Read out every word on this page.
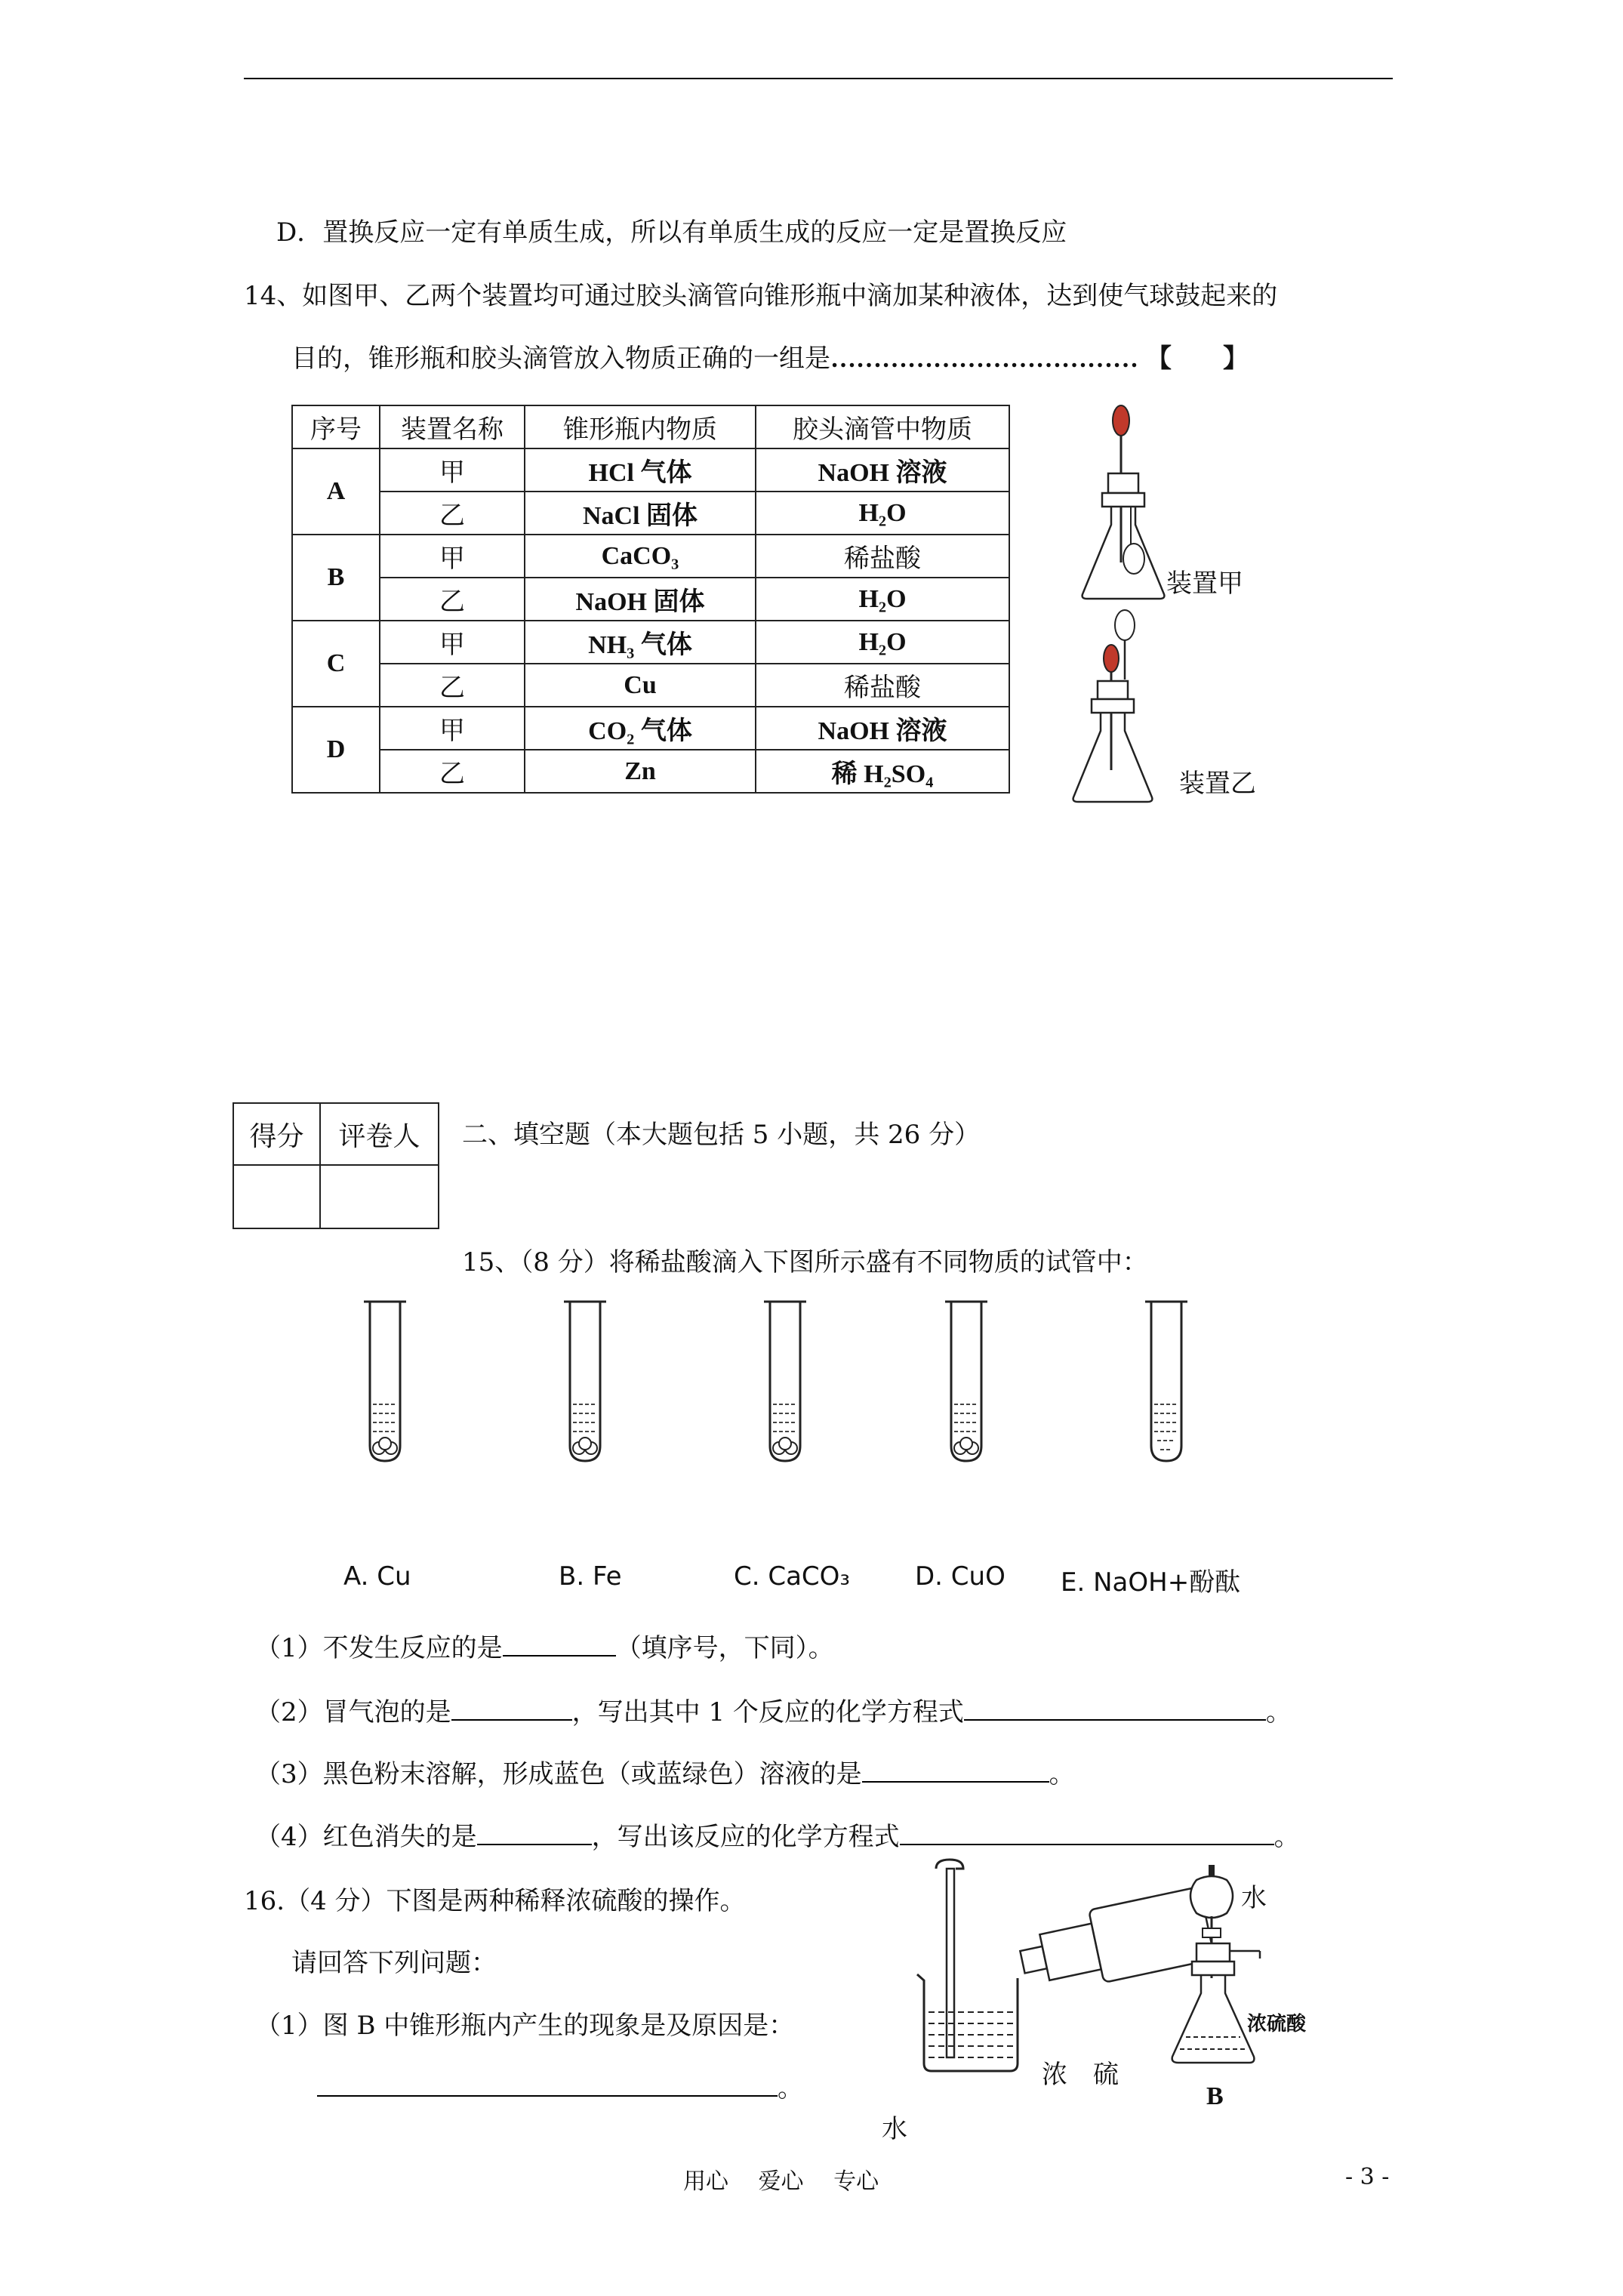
D．置换反应一定有单质生成，所以有单质生成的反应一定是置换反应
14、如图甲、乙两个装置均可通过胶头滴管向锥形瓶中滴加某种液体，达到使气球鼓起来的
目的，锥形瓶和胶头滴管放入物质正确的一组是……………………………… 【　　】
序号	装置名称	锥形瓶内物质	胶头滴管中物质
A	甲	HCl 气体	NaOH 溶液
	乙	NaCl 固体	H₂O
B	甲	CaCO₃	稀盐酸
	乙	NaOH 固体	H₂O
C	甲	NH₃ 气体	H₂O
	乙	Cu	稀盐酸
D	甲	CO₂ 气体	NaOH 溶液
	乙	Zn	稀 H₂SO₄
装置甲
装置乙
得分	评卷人
	二、填空题（本大题包括 5 小题，共 26 分）
15、（8 分）将稀盐酸滴入下图所示盛有不同物质的试管中：
A. Cu	B. Fe	C. CaCO₃	D. CuO E. NaOH+酚酞
（1）不发生反应的是	（填序号，下同）。
（2）冒气泡的是	，写出其中 1 个反应的化学方程式	。
（3）黑色粉末溶解，形成蓝色（或蓝绿色）溶液的是	。
（4）红色消失的是	，写出该反应的化学方程式	。
16.（4 分）下图是两种稀释浓硫酸的操作。
请回答下列问题：
（1）图 B 中锥形瓶内产生的现象是及原因是：
。	浓　硫
水
水
浓硫酸
B
用心　 爱心　 专心	- 3 -
